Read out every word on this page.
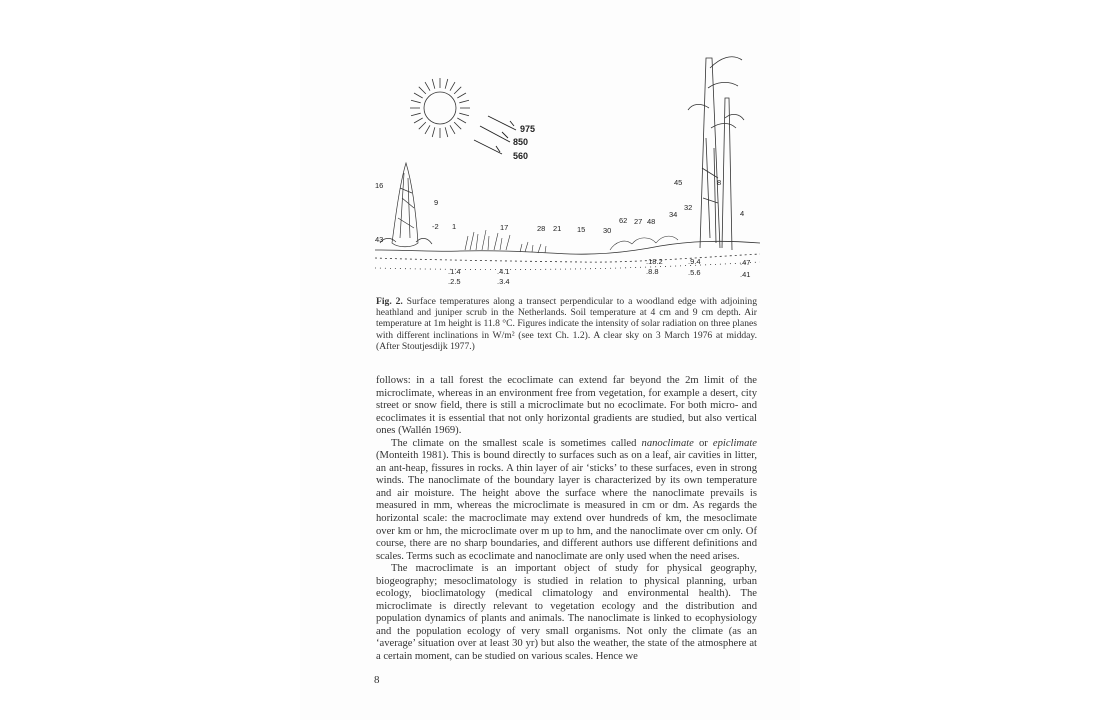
975
850
560
16
9
43
-2 1	17	28 21 15 30
62 27 48
34
32
4
45	8
.1.4
.2.5
.4.1
.3.4
.18.2
.8.8
.9.4
.5.6
.47
.41
Fig. 2. Surface temperatures along a transect perpendicular to a woodland edge with adjoining heathland and juniper scrub in the Netherlands. Soil temperature at 4 cm and 9 cm depth. Air temperature at 1m height is 11.8 °C. Figures indicate the intensity of solar radiation on three planes with different inclinations in W/m² (see text Ch. 1.2). A clear sky on 3 March 1976 at midday. (After Stoutjesdijk 1977.)

follows: in a tall forest the ecoclimate can extend far beyond the 2m limit of the microclimate, whereas in an environment free from vegetation, for example a desert, city street or snow field, there is still a microclimate but no ecoclimate. For both micro- and ecoclimates it is essential that not only horizontal gradients are studied, but also vertical ones (Wallén 1969).

The climate on the smallest scale is sometimes called nanoclimate or epiclimate (Monteith 1981). This is bound directly to surfaces such as on a leaf, air cavities in litter, an ant-heap, fissures in rocks. A thin layer of air ‘sticks’ to these surfaces, even in strong winds. The nanoclimate of the boundary layer is characterized by its own temperature and air moisture. The height above the surface where the nanoclimate prevails is measured in mm, whereas the microclimate is measured in cm or dm. As regards the horizontal scale: the macroclimate may extend over hundreds of km, the mesoclimate over km or hm, the microclimate over m up to hm, and the nanoclimate over cm only. Of course, there are no sharp boundaries, and different authors use different definitions and scales. Terms such as ecoclimate and nanoclimate are only used when the need arises.

The macroclimate is an important object of study for physical geography, biogeography; mesoclimatology is studied in relation to physical planning, urban ecology, bioclimatology (medical climatology and environmental health). The microclimate is directly relevant to vegetation ecology and the distribution and population dynamics of plants and animals. The nanoclimate is linked to ecophysiology and the population ecology of very small organisms. Not only the climate (as an ‘average’ situation over at least 30 yr) but also the weather, the state of the atmosphere at a certain moment, can be studied on various scales. Hence we

8
